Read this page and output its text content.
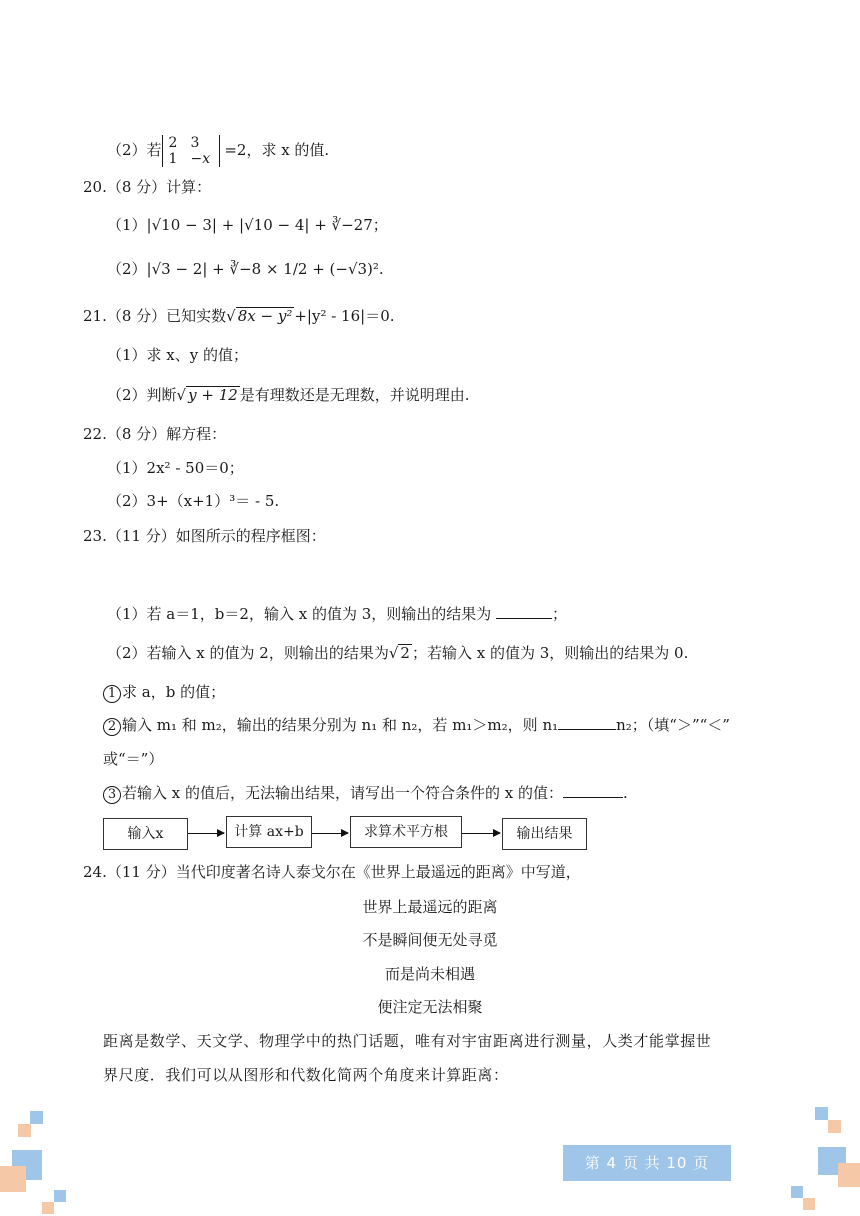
（2）若 2 3
1 −x =2，求 x 的值.
20.（8 分）计算：
（1）|√10 − 3| + |√10 − 4| + ∛−27；
（2）|√3 − 2| + ∛−8 × 1/2 + (−√3)².
21.（8 分）已知实数√ 8x − y² +|y² - 16|＝0.
（1）求 x、y 的值；
（2）判断√ y + 12 是有理数还是无理数，并说明理由.
22.（8 分）解方程：
（1）2x² - 50＝0；
（2）3+（x+1）³＝ - 5.
23.（11 分）如图所示的程序框图：
（1）若 a＝1，b＝2，输入 x 的值为 3，则输出的结果为	；
（2）若输入 x 的值为 2，则输出的结果为√ 2 ；若输入 x 的值为 3，则输出的结果为 0.
1 求 a，b 的值；
2 输入 m₁ 和 m₂，输出的结果分别为 n₁ 和 n₂，若 m₁＞m₂，则 n₁	n₂；（填“＞”“＜”
或“＝”）
3 若输入 x 的值后，无法输出结果，请写出一个符合条件的 x 的值：	.
输入x	计算 ax+b	求算术平方根	输出结果
24.（11 分）当代印度著名诗人泰戈尔在《世界上最遥远的距离》中写道，
世界上最遥远的距离
不是瞬间便无处寻觅
而是尚未相遇
便注定无法相聚
距离是数学、天文学、物理学中的热门话题，唯有对宇宙距离进行测量，人类才能掌握世
界尺度．我们可以从图形和代数化简两个角度来计算距离：
第 4 页 共 10 页
